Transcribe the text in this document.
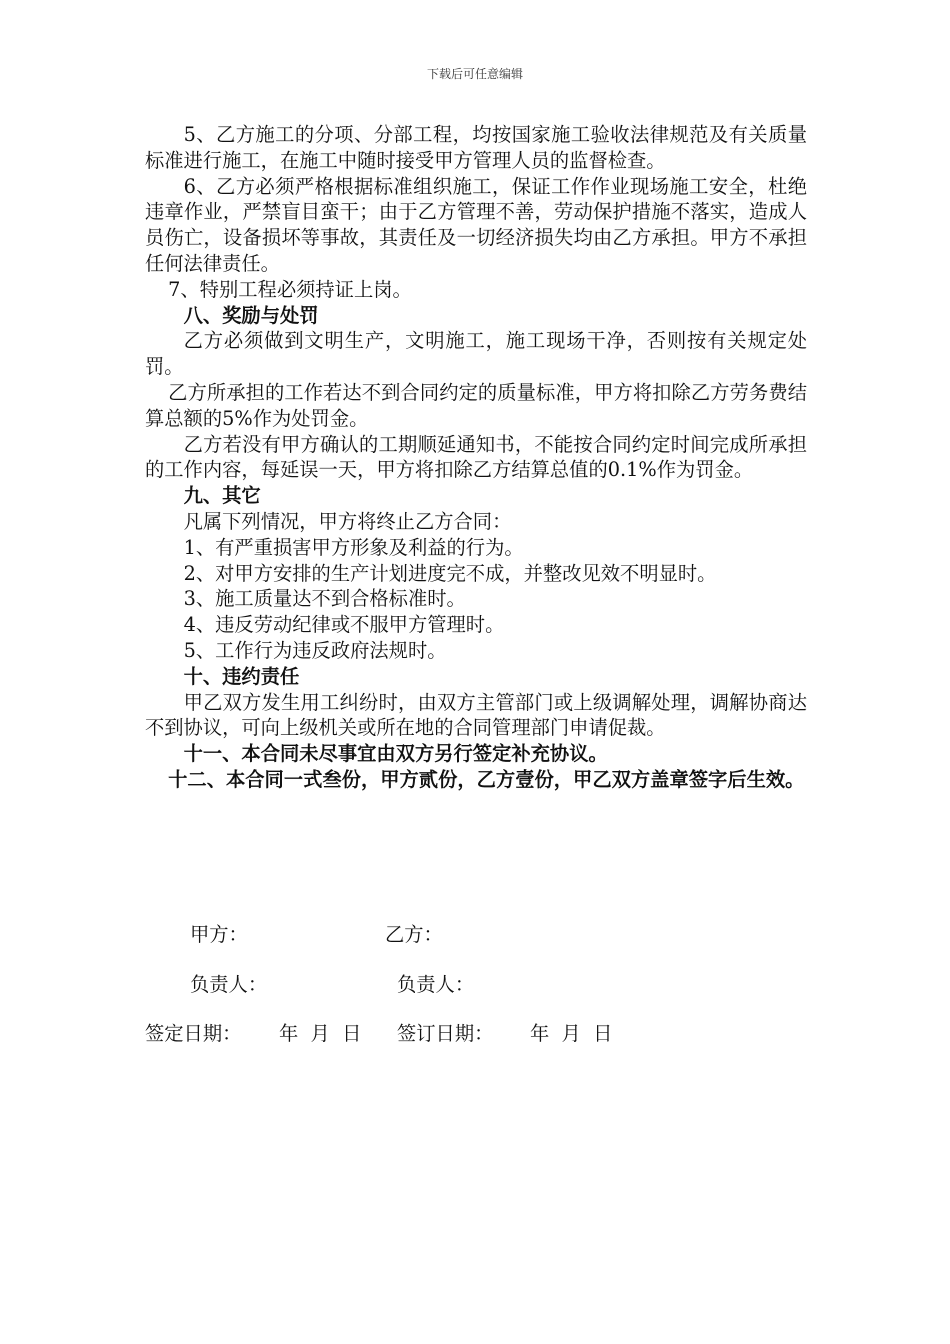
下载后可任意编辑

5、乙方施工的分项、分部工程，均按国家施工验收法律规范及有关质量标准进行施工，在施工中随时接受甲方管理人员的监督检查。

6、乙方必须严格根据标准组织施工，保证工作作业现场施工安全，杜绝违章作业，严禁盲目蛮干；由于乙方管理不善，劳动保护措施不落实，造成人员伤亡，设备损坏等事故，其责任及一切经济损失均由乙方承担。甲方不承担任何法律责任。

7、特别工程必须持证上岗。

八、奖励与处罚

乙方必须做到文明生产，文明施工，施工现场干净，否则按有关规定处罚。

乙方所承担的工作若达不到合同约定的质量标准，甲方将扣除乙方劳务费结算总额的5%作为处罚金。

乙方若没有甲方确认的工期顺延通知书，不能按合同约定时间完成所承担的工作内容，每延误一天，甲方将扣除乙方结算总值的0.1%作为罚金。

九、其它

凡属下列情况，甲方将终止乙方合同：

1、有严重损害甲方形象及利益的行为。

2、对甲方安排的生产计划进度完不成，并整改见效不明显时。

3、施工质量达不到合格标准时。

4、违反劳动纪律或不服甲方管理时。

5、工作行为违反政府法规时。

十、违约责任

甲乙双方发生用工纠纷时，由双方主管部门或上级调解处理，调解协商达不到协议，可向上级机关或所在地的合同管理部门申请促裁。

十一、本合同未尽事宜由双方另行签定补充协议。

十二、本合同一式叁份，甲方贰份，乙方壹份，甲乙双方盖章签字后生效。

甲方：	乙方：
负责人：	负责人：
签定日期： 年  月  日 签订日期： 年  月  日
